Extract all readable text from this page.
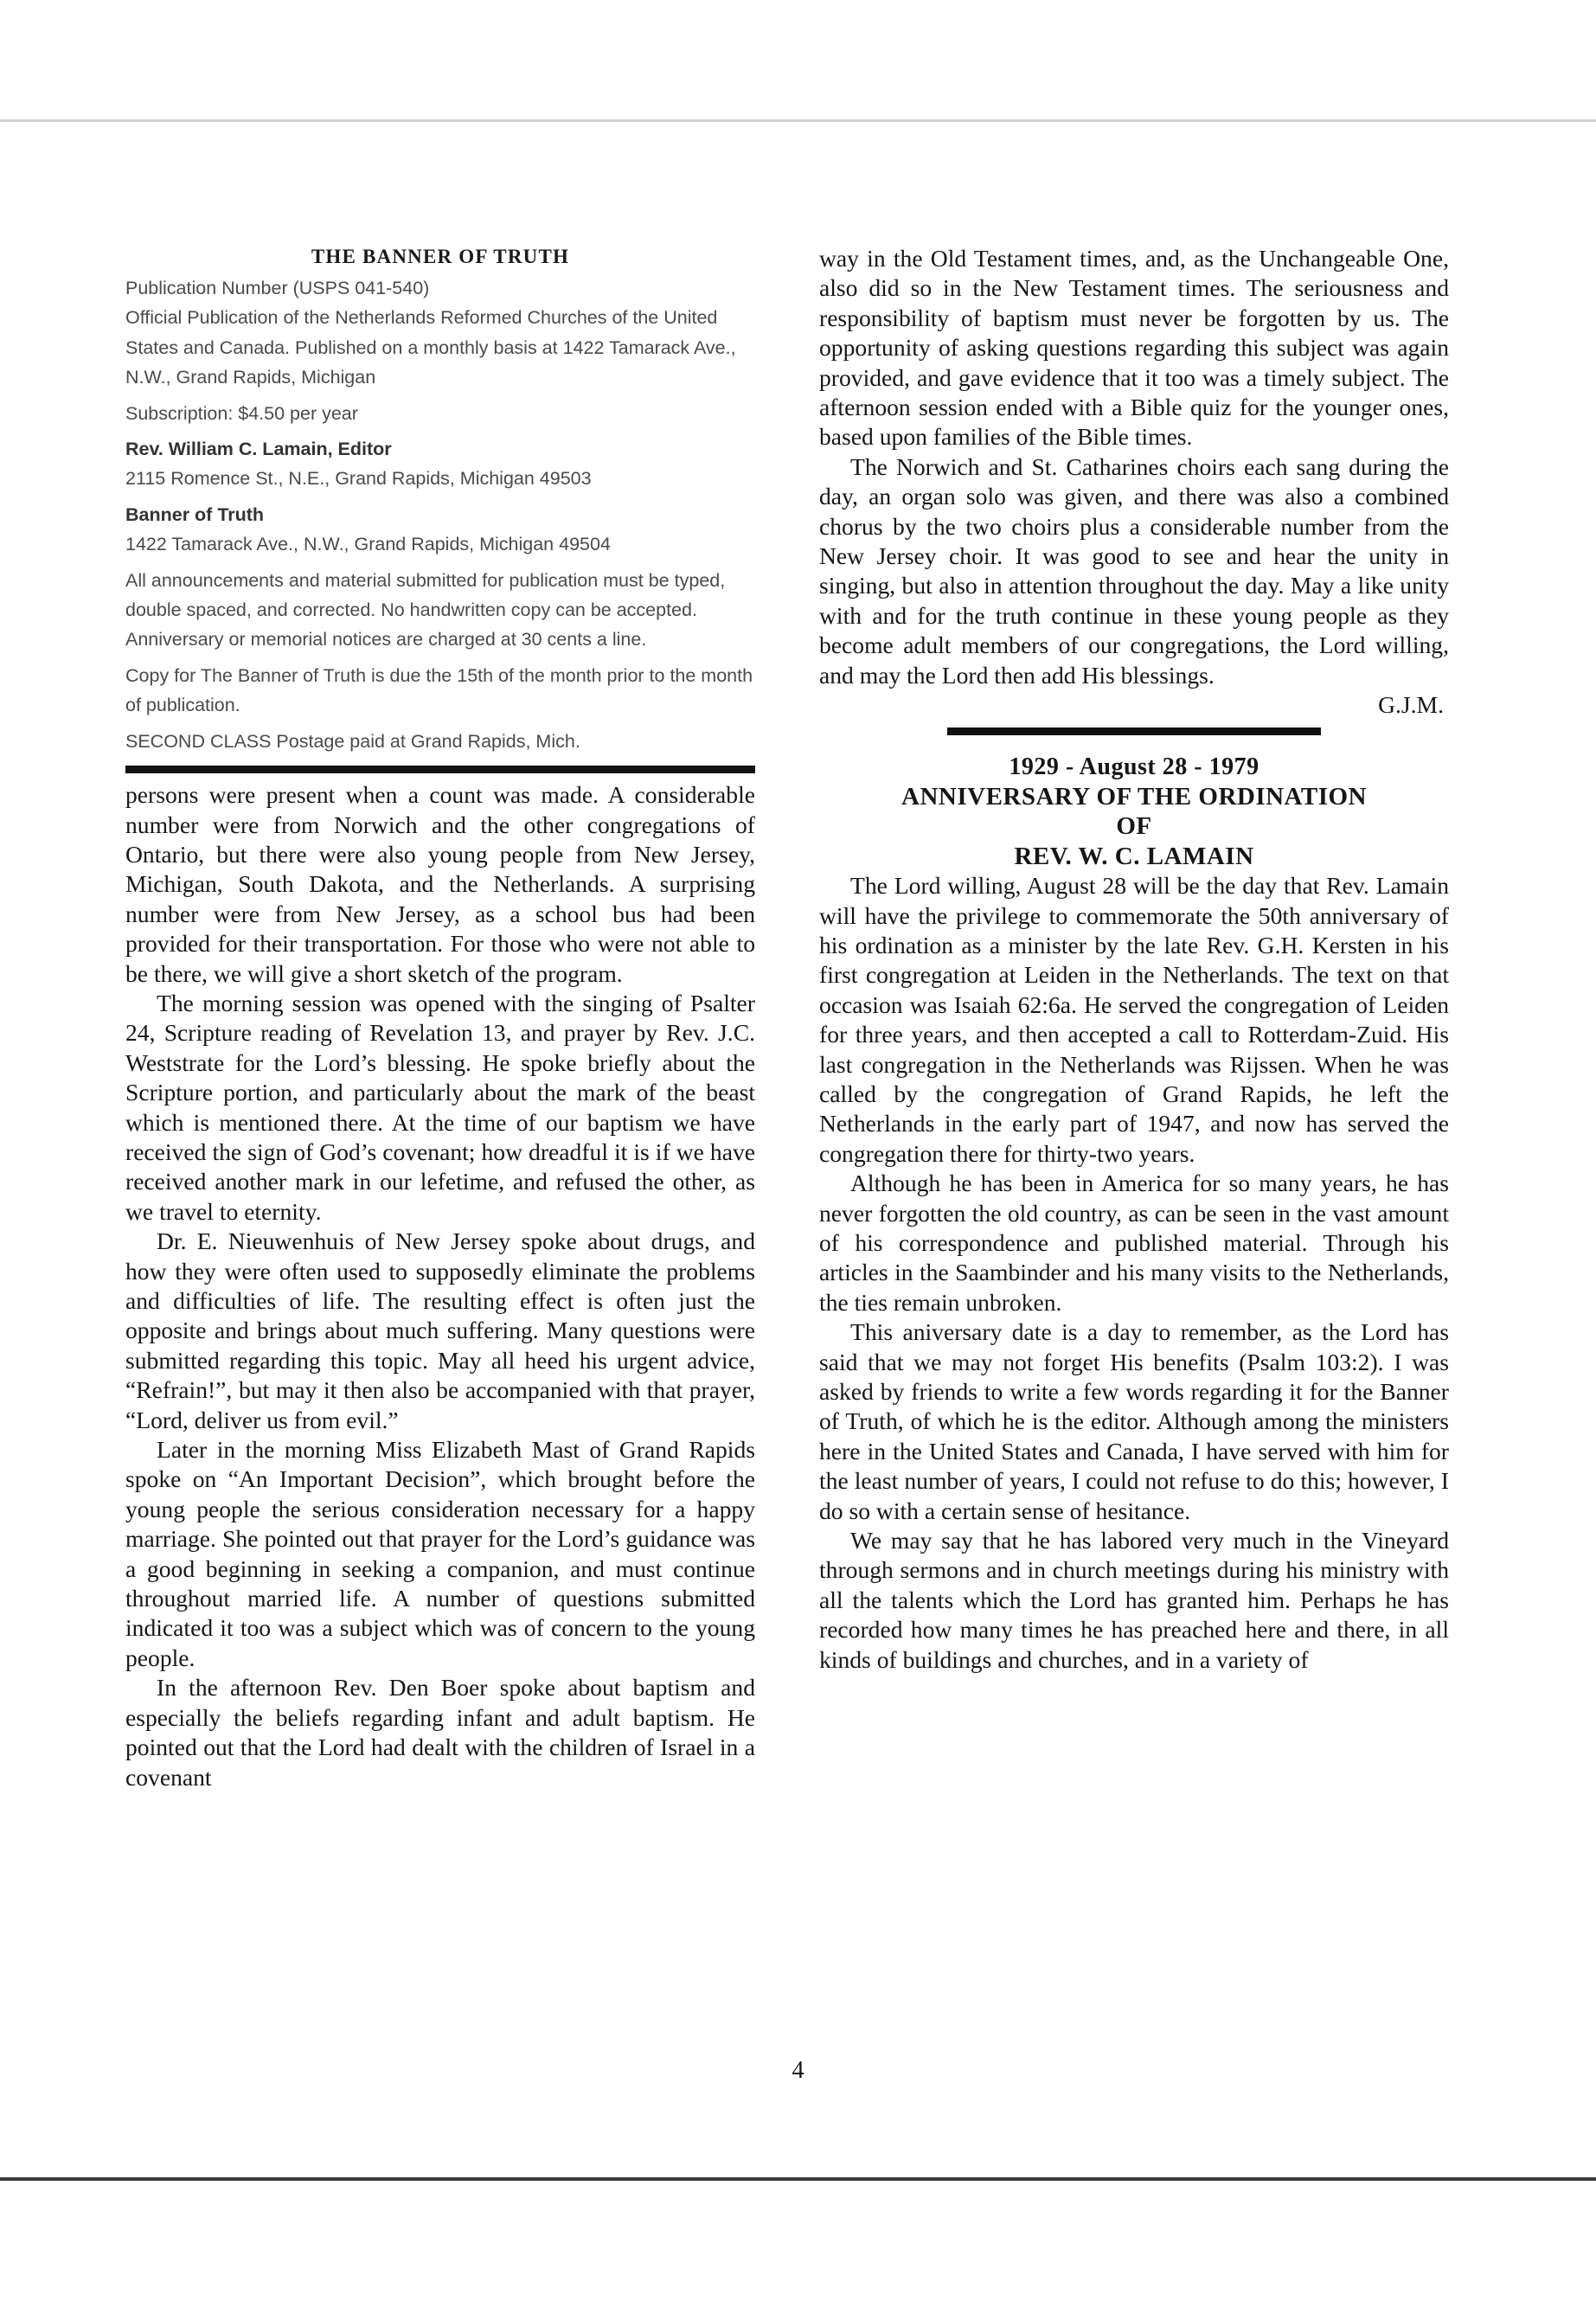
THE BANNER OF TRUTH
Publication Number (USPS 041-540)
Official Publication of the Netherlands Reformed Churches of the United States and Canada. Published on a monthly basis at 1422 Tamarack Ave., N.W., Grand Rapids, Michigan
Subscription: $4.50 per year
Rev. William C. Lamain, Editor
2115 Romence St., N.E., Grand Rapids, Michigan 49503
Banner of Truth
1422 Tamarack Ave., N.W., Grand Rapids, Michigan 49504
All announcements and material submitted for publication must be typed, double spaced, and corrected. No handwritten copy can be accepted. Anniversary or memorial notices are charged at 30 cents a line.
Copy for The Banner of Truth is due the 15th of the month prior to the month of publication.
SECOND CLASS Postage paid at Grand Rapids, Mich.

persons were present when a count was made. A considerable number were from Norwich and the other congregations of Ontario, but there were also young people from New Jersey, Michigan, South Dakota, and the Netherlands. A surprising number were from New Jersey, as a school bus had been provided for their transportation. For those who were not able to be there, we will give a short sketch of the program.

The morning session was opened with the singing of Psalter 24, Scripture reading of Revelation 13, and prayer by Rev. J.C. Weststrate for the Lord’s blessing. He spoke briefly about the Scripture portion, and particularly about the mark of the beast which is mentioned there. At the time of our baptism we have received the sign of God’s covenant; how dreadful it is if we have received another mark in our lefetime, and refused the other, as we travel to eternity.

Dr. E. Nieuwenhuis of New Jersey spoke about drugs, and how they were often used to supposedly eliminate the problems and difficulties of life. The resulting effect is often just the opposite and brings about much suffering. Many questions were submitted regarding this topic. May all heed his urgent advice, “Refrain!”, but may it then also be accompanied with that prayer, “Lord, deliver us from evil.”

Later in the morning Miss Elizabeth Mast of Grand Rapids spoke on “An Important Decision”, which brought before the young people the serious consideration necessary for a happy marriage. She pointed out that prayer for the Lord’s guidance was a good beginning in seeking a companion, and must continue throughout married life. A number of questions submitted indicated it too was a subject which was of concern to the young people.

In the afternoon Rev. Den Boer spoke about baptism and especially the beliefs regarding infant and adult baptism. He pointed out that the Lord had dealt with the children of Israel in a covenant

way in the Old Testament times, and, as the Unchangeable One, also did so in the New Testament times. The seriousness and responsibility of baptism must never be forgotten by us. The opportunity of asking questions regarding this subject was again provided, and gave evidence that it too was a timely subject. The afternoon session ended with a Bible quiz for the younger ones, based upon families of the Bible times.

The Norwich and St. Catharines choirs each sang during the day, an organ solo was given, and there was also a combined chorus by the two choirs plus a considerable number from the New Jersey choir. It was good to see and hear the unity in singing, but also in attention throughout the day. May a like unity with and for the truth continue in these young people as they become adult members of our congregations, the Lord willing, and may the Lord then add His blessings.

G.J.M.
1929 - August 28 - 1979
ANNIVERSARY OF THE ORDINATION
OF
REV. W. C. LAMAIN

The Lord willing, August 28 will be the day that Rev. Lamain will have the privilege to commemorate the 50th anniversary of his ordination as a minister by the late Rev. G.H. Kersten in his first congregation at Leiden in the Netherlands. The text on that occasion was Isaiah 62:6a. He served the congregation of Leiden for three years, and then accepted a call to Rotterdam-Zuid. His last congregation in the Netherlands was Rijssen. When he was called by the congregation of Grand Rapids, he left the Netherlands in the early part of 1947, and now has served the congregation there for thirty-two years.

Although he has been in America for so many years, he has never forgotten the old country, as can be seen in the vast amount of his correspondence and published material. Through his articles in the Saambinder and his many visits to the Netherlands, the ties remain unbroken.

This aniversary date is a day to remember, as the Lord has said that we may not forget His benefits (Psalm 103:2). I was asked by friends to write a few words regarding it for the Banner of Truth, of which he is the editor. Although among the ministers here in the United States and Canada, I have served with him for the least number of years, I could not refuse to do this; however, I do so with a certain sense of hesitance.

We may say that he has labored very much in the Vineyard through sermons and in church meetings during his ministry with all the talents which the Lord has granted him. Perhaps he has recorded how many times he has preached here and there, in all kinds of buildings and churches, and in a variety of

4
